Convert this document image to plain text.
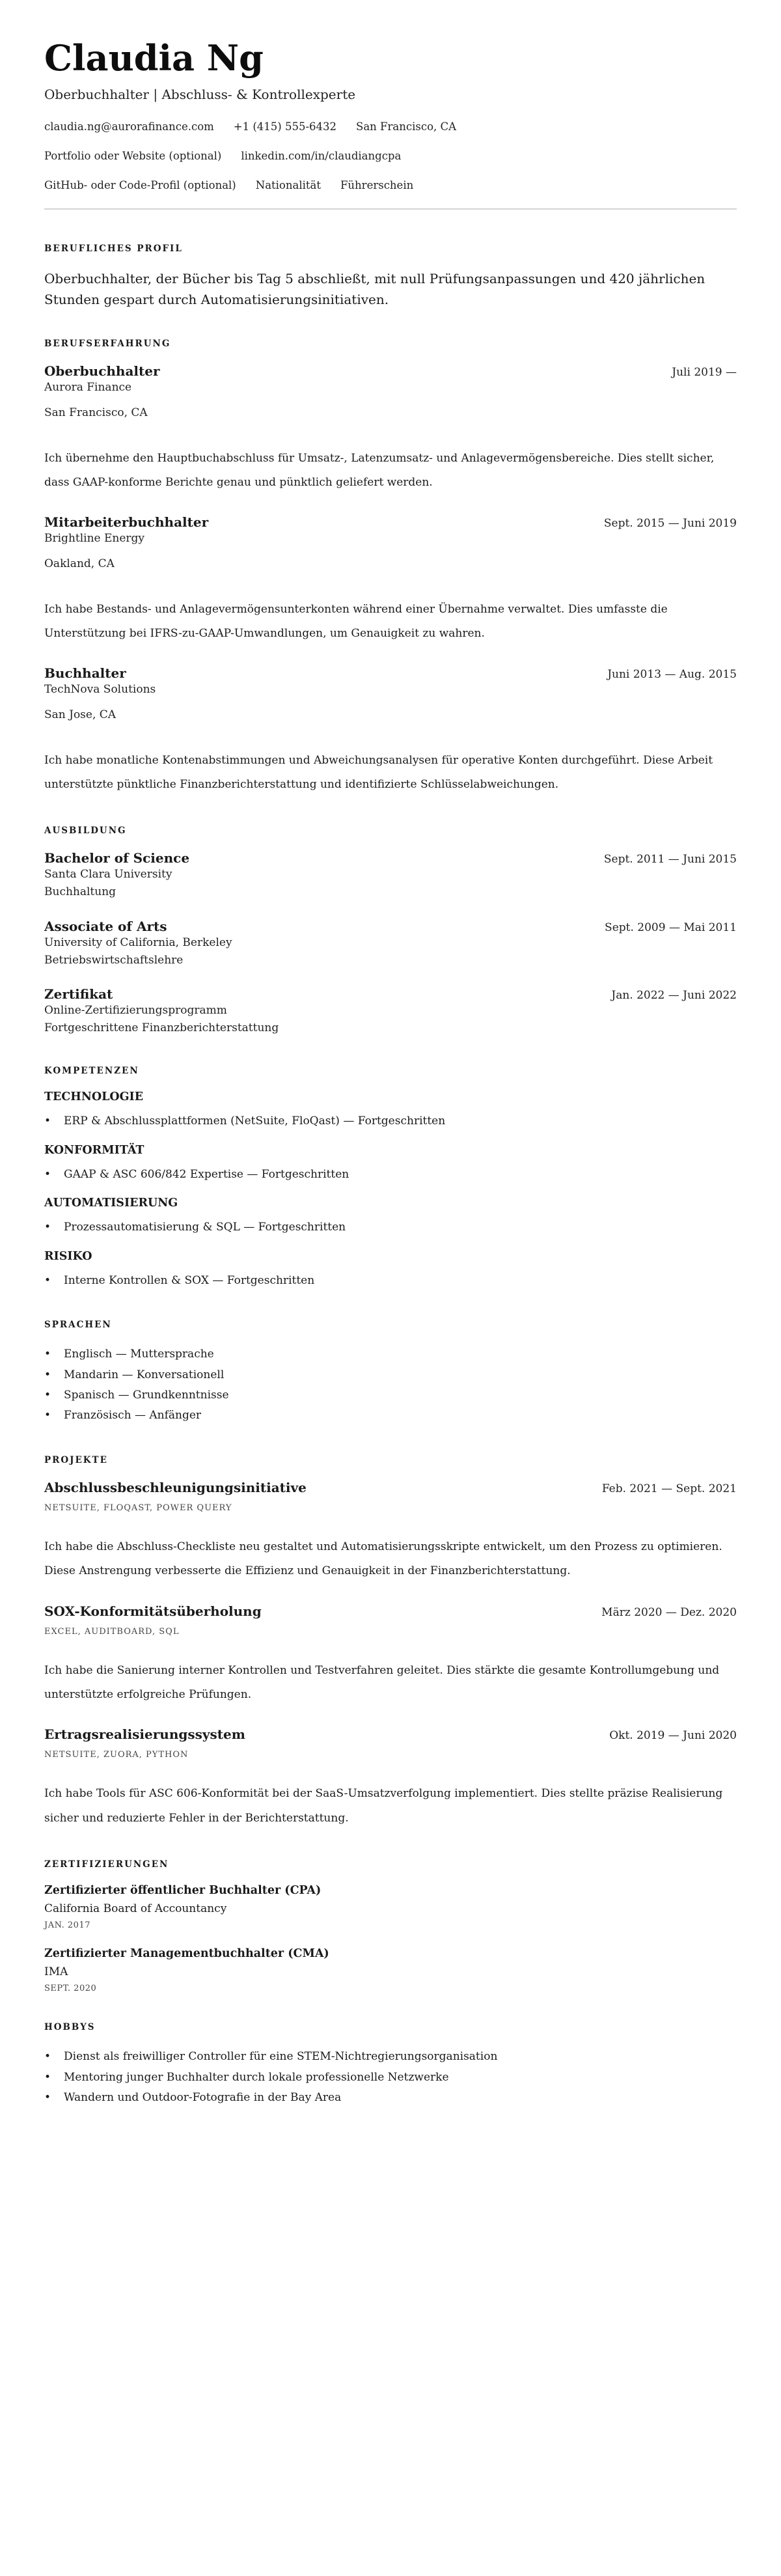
Claudia Ng
Oberbuchhalter | Abschluss- & Kontrollexperte
claudia.ng@aurorafinance.com +1 (415) 555-6432 San Francisco, CA
Portfolio oder Website (optional) linkedin.com/in/claudiangcpa
GitHub- oder Code-Profil (optional) Nationalität Führerschein
BERUFLICHES PROFIL

Oberbuchhalter, der Bücher bis Tag 5 abschließt, mit null Prüfungsanpassungen und 420 jährlichen Stunden gespart durch Automatisierungsinitiativen.

BERUFSERFAHRUNG
Oberbuchhalter	Juli 2019 —
Aurora Finance
San Francisco, CA
Ich übernehme den Hauptbuchabschluss für Umsatz-, Latenzumsatz- und Anlagevermögensbereiche. Dies stellt sicher, dass GAAP-konforme Berichte genau und pünktlich geliefert werden.
Mitarbeiterbuchhalter	Sept. 2015 — Juni 2019
Brightline Energy
Oakland, CA
Ich habe Bestands- und Anlagevermögensunterkonten während einer Übernahme verwaltet. Dies umfasste die Unterstützung bei IFRS-zu-GAAP-Umwandlungen, um Genauigkeit zu wahren.
Buchhalter	Juni 2013 — Aug. 2015
TechNova Solutions
San Jose, CA
Ich habe monatliche Kontenabstimmungen und Abweichungsanalysen für operative Konten durchgeführt. Diese Arbeit unterstützte pünktliche Finanzberichterstattung und identifizierte Schlüsselabweichungen.
AUSBILDUNG
Bachelor of Science	Sept. 2011 — Juni 2015
Santa Clara University
Buchhaltung
Associate of Arts	Sept. 2009 — Mai 2011
University of California, Berkeley
Betriebswirtschaftslehre
Zertifikat	Jan. 2022 — Juni 2022
Online-Zertifizierungsprogramm
Fortgeschrittene Finanzberichterstattung
KOMPETENZEN
TECHNOLOGIE
• ERP & Abschlussplattformen (NetSuite, FloQast) — Fortgeschritten
KONFORMITÄT
• GAAP & ASC 606/842 Expertise — Fortgeschritten
AUTOMATISIERUNG
• Prozessautomatisierung & SQL — Fortgeschritten
RISIKO
• Interne Kontrollen & SOX — Fortgeschritten
SPRACHEN
• Englisch — Muttersprache
• Mandarin — Konversationell
• Spanisch — Grundkenntnisse
• Französisch — Anfänger
PROJEKTE
Abschlussbeschleunigungsinitiative	Feb. 2021 — Sept. 2021
NETSUITE, FLOQAST, POWER QUERY
Ich habe die Abschluss-Checkliste neu gestaltet und Automatisierungsskripte entwickelt, um den Prozess zu optimieren. Diese Anstrengung verbesserte die Effizienz und Genauigkeit in der Finanzberichterstattung.
SOX-Konformitätsüberholung	März 2020 — Dez. 2020
EXCEL, AUDITBOARD, SQL
Ich habe die Sanierung interner Kontrollen und Testverfahren geleitet. Dies stärkte die gesamte Kontrollumgebung und unterstützte erfolgreiche Prüfungen.
Ertragsrealisierungssystem	Okt. 2019 — Juni 2020
NETSUITE, ZUORA, PYTHON
Ich habe Tools für ASC 606-Konformität bei der SaaS-Umsatzverfolgung implementiert. Dies stellte präzise Realisierung sicher und reduzierte Fehler in der Berichterstattung.
ZERTIFIZIERUNGEN
Zertifizierter öffentlicher Buchhalter (CPA)
California Board of Accountancy
JAN. 2017
Zertifizierter Managementbuchhalter (CMA)
IMA
SEPT. 2020
HOBBYS
• Dienst als freiwilliger Controller für eine STEM-Nichtregierungsorganisation
• Mentoring junger Buchhalter durch lokale professionelle Netzwerke
• Wandern und Outdoor-Fotografie in der Bay Area
